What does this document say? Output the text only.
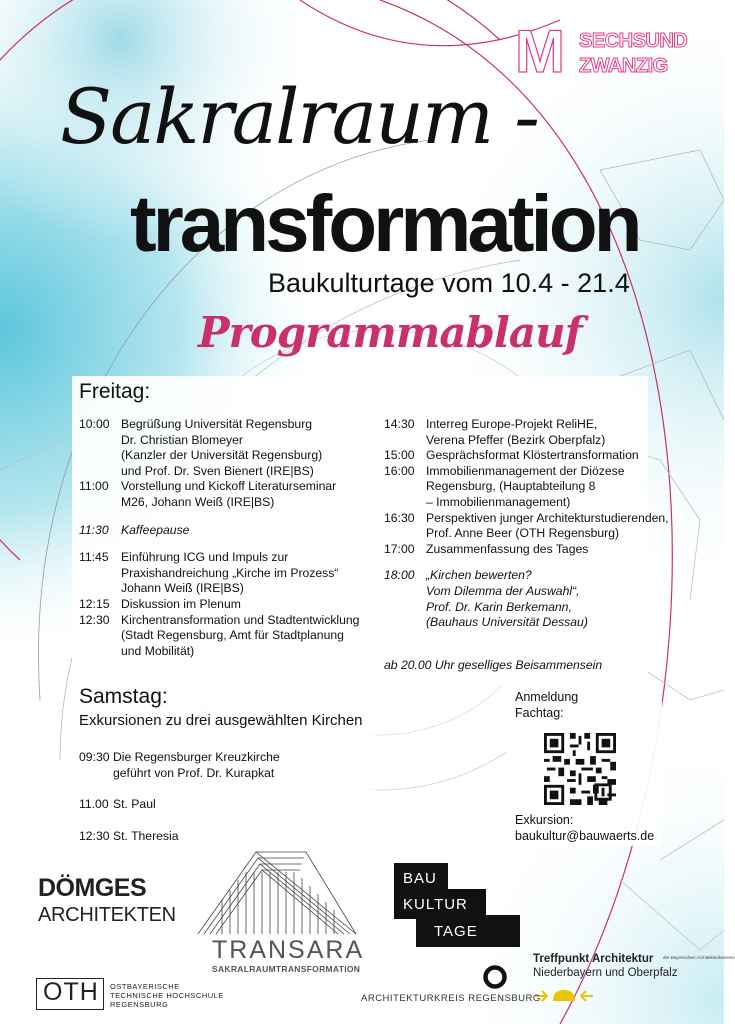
M SECHSUND
ZWANZIG
Sakralraum -
transformation
Baukulturtage vom 10.4 - 21.4
Programmablauf
Freitag:
10:00 Begrüßung Universität Regensburg
Dr. Christian Blomeyer
(Kanzler der Universität Regensburg)
und Prof. Dr. Sven Bienert (IRE|BS)
11:00 Vorstellung und Kickoff Literaturseminar
M26, Johann Weiß (IRE|BS)
11:30 Kaffeepause
11:45 Einführung ICG und Impuls zur
Praxishandreichung „Kirche im Prozess“
Johann Weiß (IRE|BS)
12:15 Diskussion im Plenum
12:30 Kirchentransformation und Stadtentwicklung
(Stadt Regensburg, Amt für Stadtplanung
und Mobilität)
14:30 Interreg Europe-Projekt ReliHE,
Verena Pfeffer (Bezirk Oberpfalz)
15:00 Gesprächsformat Klöstertransformation
16:00 Immobilienmanagement der Diözese
Regensburg, (Hauptabteilung 8
– Immobilienmanagement)
16:30 Perspektiven junger Architekturstudierenden,
Prof. Anne Beer (OTH Regensburg)
17:00 Zusammenfassung des Tages
18:00 „Kirchen bewerten?
Vom Dilemma der Auswahl“,
Prof. Dr. Karin Berkemann,
(Bauhaus Universität Dessau)
ab 20.00 Uhr geselliges Beisammensein
Samstag:
Exkursionen zu drei ausgewählten Kirchen
09:30 Die Regensburger Kreuzkirche
geführt von Prof. Dr. Kurapkat
11.00 St. Paul
12:30 St. Theresia
Anmeldung
Fachtag:
Exkursion:
baukultur@bauwaerts.de
DÖMGES
ARCHITEKTEN
TRANSARA
SAKRALRAUMTRANSFORMATION
BAU
KULTUR
TAGE
Treffpunkt Architektur der Bayerischen Architektenkammer
Niederbayern und Oberpfalz
OTH OSTBAYERISCHE
TECHNISCHE HOCHSCHULE
REGENSBURG
ARCHITEKTURKREIS REGENSBURG
